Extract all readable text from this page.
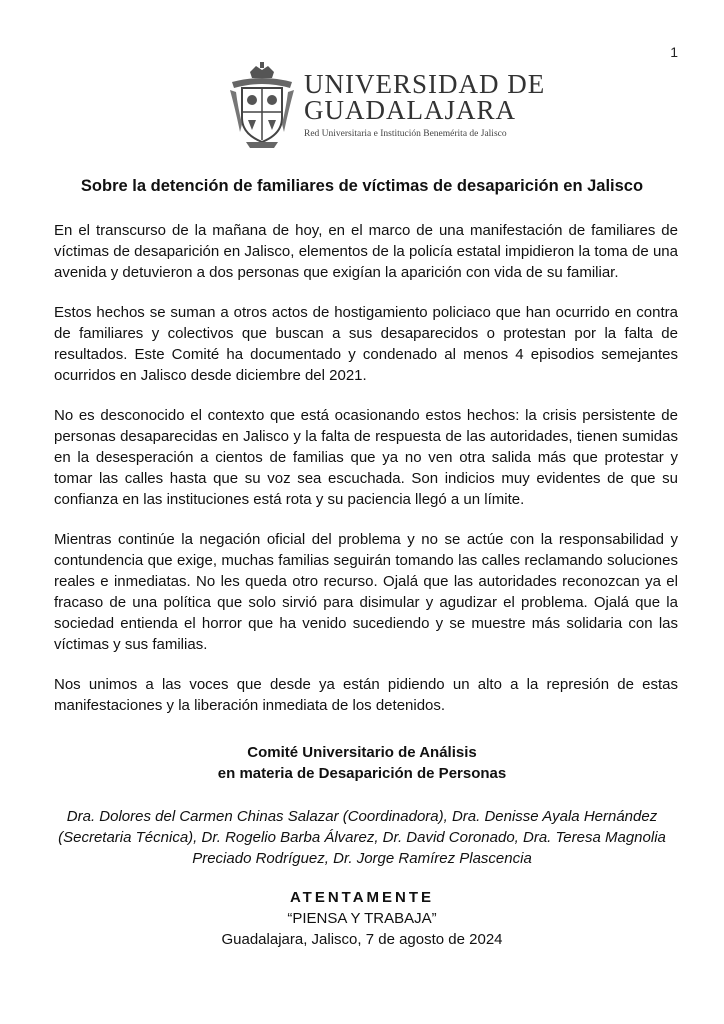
1
UNIVERSIDAD DE
GUADALAJARA
Red Universitaria e Institución Benemérita de Jalisco
Sobre la detención de familiares de víctimas de desaparición en Jalisco

En el transcurso de la mañana de hoy, en el marco de una manifestación de familiares de víctimas de desaparición en Jalisco, elementos de la policía estatal impidieron la toma de una avenida y detuvieron a dos personas que exigían la aparición con vida de su familiar.

Estos hechos se suman a otros actos de hostigamiento policiaco que han ocurrido en contra de familiares y colectivos que buscan a sus desaparecidos o protestan por la falta de resultados. Este Comité ha documentado y condenado al menos 4 episodios semejantes ocurridos en Jalisco desde diciembre del 2021.

No es desconocido el contexto que está ocasionando estos hechos: la crisis persistente de personas desaparecidas en Jalisco y la falta de respuesta de las autoridades, tienen sumidas en la desesperación a cientos de familias que ya no ven otra salida más que protestar y tomar las calles hasta que su voz sea escuchada. Son indicios muy evidentes de que su confianza en las instituciones está rota y su paciencia llegó a un límite.

Mientras continúe la negación oficial del problema y no se actúe con la responsabilidad y contundencia que exige, muchas familias seguirán tomando las calles reclamando soluciones reales e inmediatas. No les queda otro recurso. Ojalá que las autoridades reconozcan ya el fracaso de una política que solo sirvió para disimular y agudizar el problema. Ojalá que la sociedad entienda el horror que ha venido sucediendo y se muestre más solidaria con las víctimas y sus familias.

Nos unimos a las voces que desde ya están pidiendo un alto a la represión de estas manifestaciones y la liberación inmediata de los detenidos.

Comité Universitario de Análisis
en materia de Desaparición de Personas
Dra. Dolores del Carmen Chinas Salazar (Coordinadora), Dra. Denisse Ayala Hernández (Secretaria Técnica), Dr. Rogelio Barba Álvarez, Dr. David Coronado, Dra. Teresa Magnolia Preciado Rodríguez, Dr. Jorge Ramírez Plascencia
ATENTAMENTE
“PIENSA Y TRABAJA”
Guadalajara, Jalisco, 7 de agosto de 2024
